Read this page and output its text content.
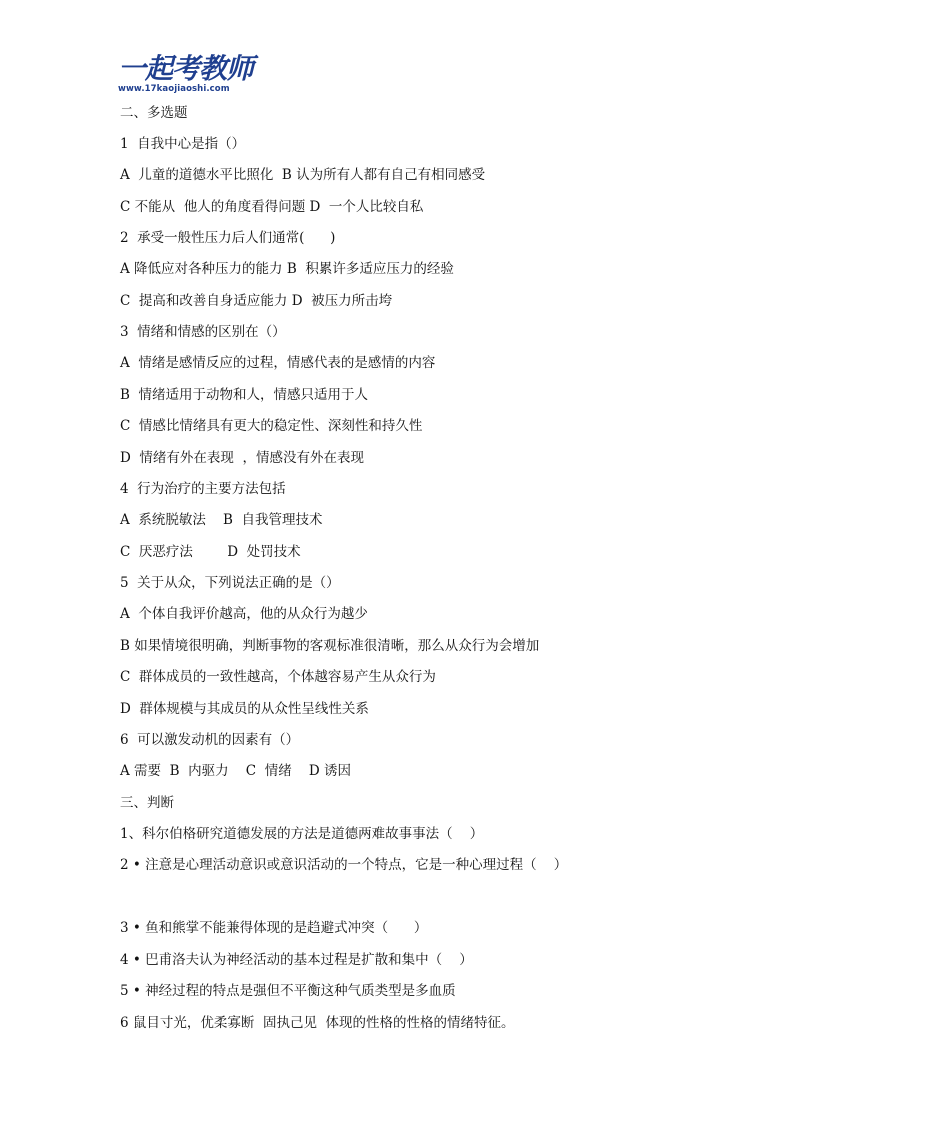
一起考教师
www.17kaojiaoshi.com
二、多选题
1  自我中心是指（）
A  儿童的道德水平比照化  B 认为所有人都有自己有相同感受
C 不能从  他人的角度看得问题 D  一个人比较自私
2  承受一般性压力后人们通常(      )
A 降低应对各种压力的能力 B  积累许多适应压力的经验
C  提高和改善自身适应能力 D  被压力所击垮
3  情绪和情感的区别在（）
A  情绪是感情反应的过程，情感代表的是感情的内容
B  情绪适用于动物和人，情感只适用于人
C  情感比情绪具有更大的稳定性、深刻性和持久性
D  情绪有外在表现  ，情感没有外在表现
4  行为治疗的主要方法包括
A  系统脱敏法    B  自我管理技术
C  厌恶疗法        D  处罚技术
5  关于从众，下列说法正确的是（）
A  个体自我评价越高，他的从众行为越少
B 如果情境很明确，判断事物的客观标准很清晰，那么从众行为会增加
C  群体成员的一致性越高，个体越容易产生从众行为
D  群体规模与其成员的从众性呈线性关系
6  可以激发动机的因素有（）
A 需要  B  内驱力    C  情绪    D 诱因
三、判断
1、科尔伯格研究道德发展的方法是道德两难故事事法（    ）
2 • 注意是心理活动意识或意识活动的一个特点，它是一种心理过程（    ）
3 • 鱼和熊掌不能兼得体现的是趋避式冲突（      ）
4 • 巴甫洛夫认为神经活动的基本过程是扩散和集中（    ）
5 • 神经过程的特点是强但不平衡这种气质类型是多血质
6 鼠目寸光，优柔寡断  固执己见  体现的性格的性格的情绪特征。
